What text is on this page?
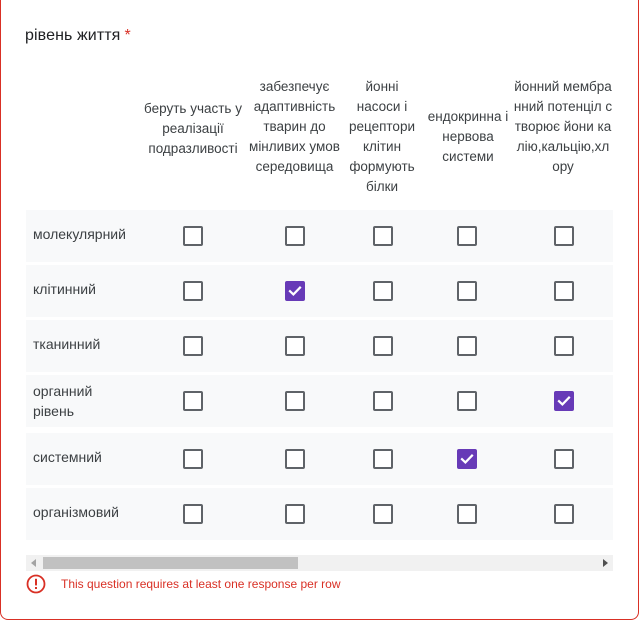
рівень життя *
беруть участь у реалізації подразливості
забезпечує адаптивність тварин до мінливих умов середовища
йонні насоси і рецептори клітин формують білки
ендокринна і нервова системи
йонний мембранний потенціл створює йони калію,кальцію,хлору
молекулярний
клітинний
тканинний
органний рівень
системний
організмовий
This question requires at least one response per row
